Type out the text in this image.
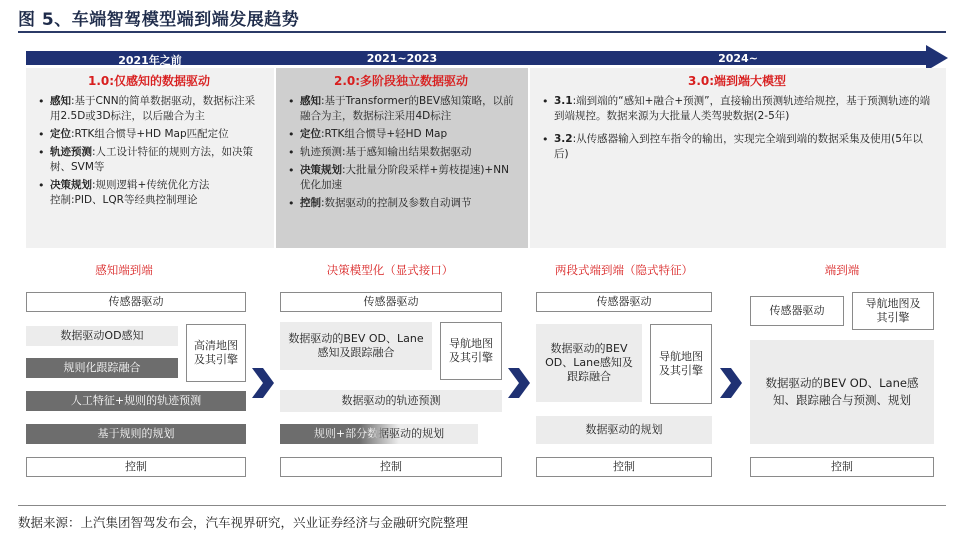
图 5、车端智驾模型端到端发展趋势
2021年之前	2021~2023	2024~
1.0:仅感知的数据驱动
• 感知:基于CNN的简单数据驱动，数据标注采用2.5D或3D标注，以后融合为主
• 定位:RTK组合惯导+HD Map匹配定位
• 轨迹预测:人工设计特征的规则方法，如决策树、SVM等
• 决策规划:规则逻辑+传统优化方法
控制:PID、LQR等经典控制理论
2.0:多阶段独立数据驱动
• 感知:基于Transformer的BEV感知策略，以前融合为主，数据标注采用4D标注
• 定位:RTK组合惯导+轻HD Map
• 轨迹预测:基于感知输出结果数据驱动
• 决策规划:大批量分阶段采样+剪枝提速)+NN优化加速
• 控制:数据驱动的控制及参数自动调节
3.0:端到端大模型
• 3.1:端到端的“感知+融合+预测”，直接输出预测轨迹给规控，基于预测轨迹的端到端规控。数据来源为大批量人类驾驶数据(2-5年)
• 3.2:从传感器输入到控车指令的输出，实现完全端到端的数据采集及使用(5年以后)
感知端到端	决策模型化（显式接口）	两段式端到端（隐式特征）	端到端
传感器驱动
数据驱动OD感知
高清地图及其引擎
规则化跟踪融合
人工特征+规则的轨迹预测
基于规则的规划
控制
传感器驱动
数据驱动的BEV OD、Lane感知及跟踪融合
导航地图及其引擎
数据驱动的轨迹预测
规则+部分数据驱动的规划
控制
传感器驱动
数据驱动的BEV OD、Lane感知及跟踪融合
导航地图及其引擎
数据驱动的规划
控制
传感器驱动
导航地图及其引擎
数据驱动的BEV OD、Lane感知、跟踪融合与预测、规划
控制
数据来源：上汽集团智驾发布会，汽车视界研究，兴业证券经济与金融研究院整理
